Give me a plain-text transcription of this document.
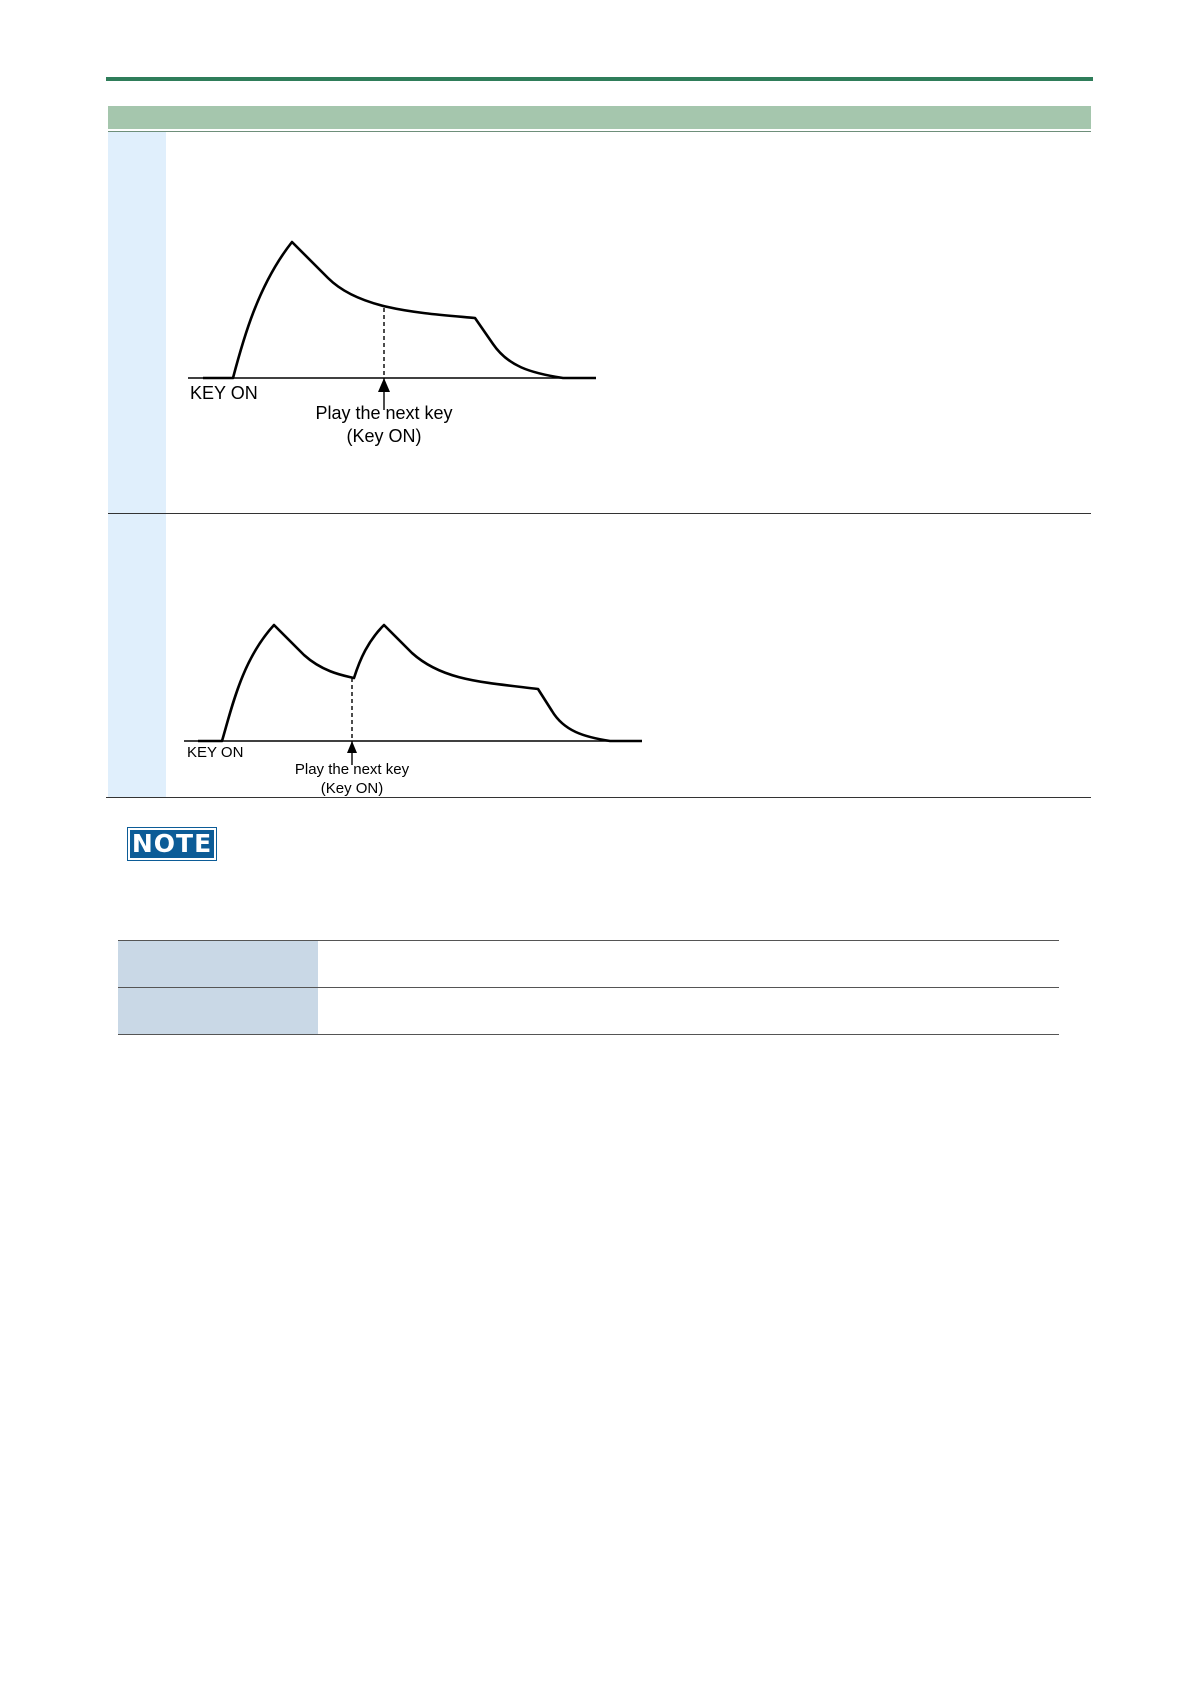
KEY ON
Play the next key
(Key ON)
KEY ON
Play the next key
(Key ON)
NOTE
